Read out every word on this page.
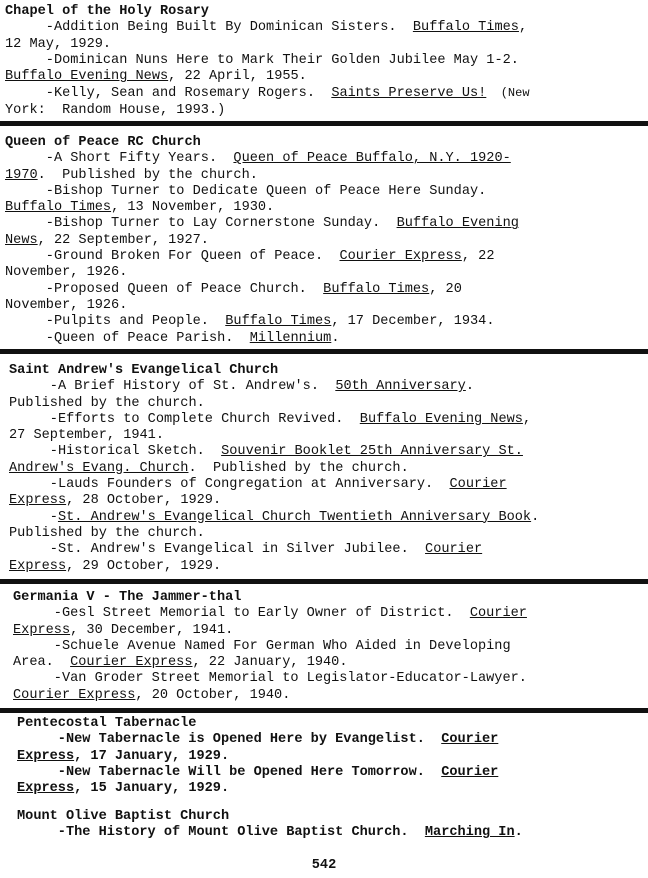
Chapel of the Holy Rosary
-Addition Being Built By Dominican Sisters.  Buffalo Times,
12 May, 1929.
-Dominican Nuns Here to Mark Their Golden Jubilee May 1-2.
Buffalo Evening News, 22 April, 1955.
-Kelly, Sean and Rosemary Rogers.  Saints Preserve Us!  (New
York:  Random House, 1993.)
Queen of Peace RC Church
-A Short Fifty Years.  Queen of Peace Buffalo, N.Y. 1920-
1970.  Published by the church.
-Bishop Turner to Dedicate Queen of Peace Here Sunday.
Buffalo Times, 13 November, 1930.
-Bishop Turner to Lay Cornerstone Sunday.  Buffalo Evening
News, 22 September, 1927.
-Ground Broken For Queen of Peace.  Courier Express, 22
November, 1926.
-Proposed Queen of Peace Church.  Buffalo Times, 20
November, 1926.
-Pulpits and People.  Buffalo Times, 17 December, 1934.
-Queen of Peace Parish.  Millennium.
Saint Andrew's Evangelical Church
-A Brief History of St. Andrew's.  50th Anniversary.
Published by the church.
-Efforts to Complete Church Revived.  Buffalo Evening News,
27 September, 1941.
-Historical Sketch.  Souvenir Booklet 25th Anniversary St.
Andrew's Evang. Church.  Published by the church.
-Lauds Founders of Congregation at Anniversary.  Courier
Express, 28 October, 1929.
-St. Andrew's Evangelical Church Twentieth Anniversary Book.
Published by the church.
-St. Andrew's Evangelical in Silver Jubilee.  Courier
Express, 29 October, 1929.
Germania V - The Jammer-thal
-Gesl Street Memorial to Early Owner of District.  Courier
Express, 30 December, 1941.
-Schuele Avenue Named For German Who Aided in Developing
Area.  Courier Express, 22 January, 1940.
-Van Groder Street Memorial to Legislator-Educator-Lawyer.
Courier Express, 20 October, 1940.
Pentecostal Tabernacle
-New Tabernacle is Opened Here by Evangelist.  Courier
Express, 17 January, 1929.
-New Tabernacle Will be Opened Here Tomorrow.  Courier
Express, 15 January, 1929.
Mount Olive Baptist Church
-The History of Mount Olive Baptist Church.  Marching In.
542
